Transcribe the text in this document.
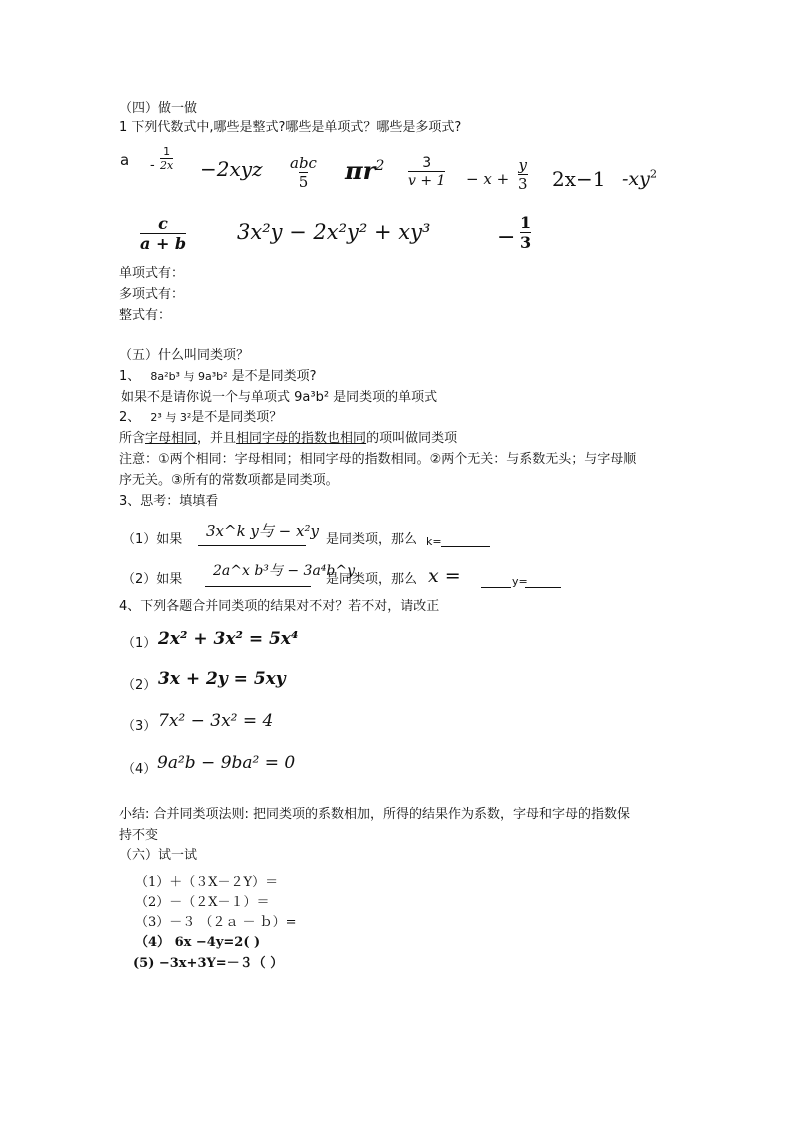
（四）做一做
1 下列代数式中,哪些是整式?哪些是单项式？哪些是多项式?
$a - \frac{1}{2x} -2xyz$ abc
5 $\pi r^2 \frac{3}{v + 1} - x + \frac{y}{3} 2x-1$ $-xy^2$
$\frac{c}{a + b} 3x^2y - 2x^2y^2 + xy^3$	− $\frac{1}{3}$
单项式有：
多项式有：
整式有：
（五）什么叫同类项？
1、 8a²b³ 与 9a³b² 是不是同类项?
如果不是请你说一个与单项式 9a³b² 是同类项的单项式
2、 2³ 与 3²是不是同类项？
所含字母相同，并且相同字母的指数也相同的项叫做同类项
注意：①两个相同：字母相同；相同字母的指数相同。②两个无关：与系数无头；与字母顺
序无关。③所有的常数项都是同类项。
3、思考：填填看
（1）如果 3x^k y与 − x²y 是同类项，那么 k=
（2）如果
2a^x b³与 − 3a⁴b^y
是同类项，那么 x =	y=
4、下列各题合并同类项的结果对不对？若不对，请改正
（1） 2x² + 3x² = 5x⁴
（2） 3x + 2y = 5xy
（3） 7x² − 3x² = 4
（4） 9a²b − 9ba² = 0
小结: 合并同类项法则: 把同类项的系数相加，所得的结果作为系数，字母和字母的指数保
持不变
（六）试一试
（1）＋（３X－２Y）＝
（2）－（２X－１）＝
（3）－３ （２ａ － ｂ）=
（4） 6x −4y=2( )
(5) −3x+3Y=－３（ ）
